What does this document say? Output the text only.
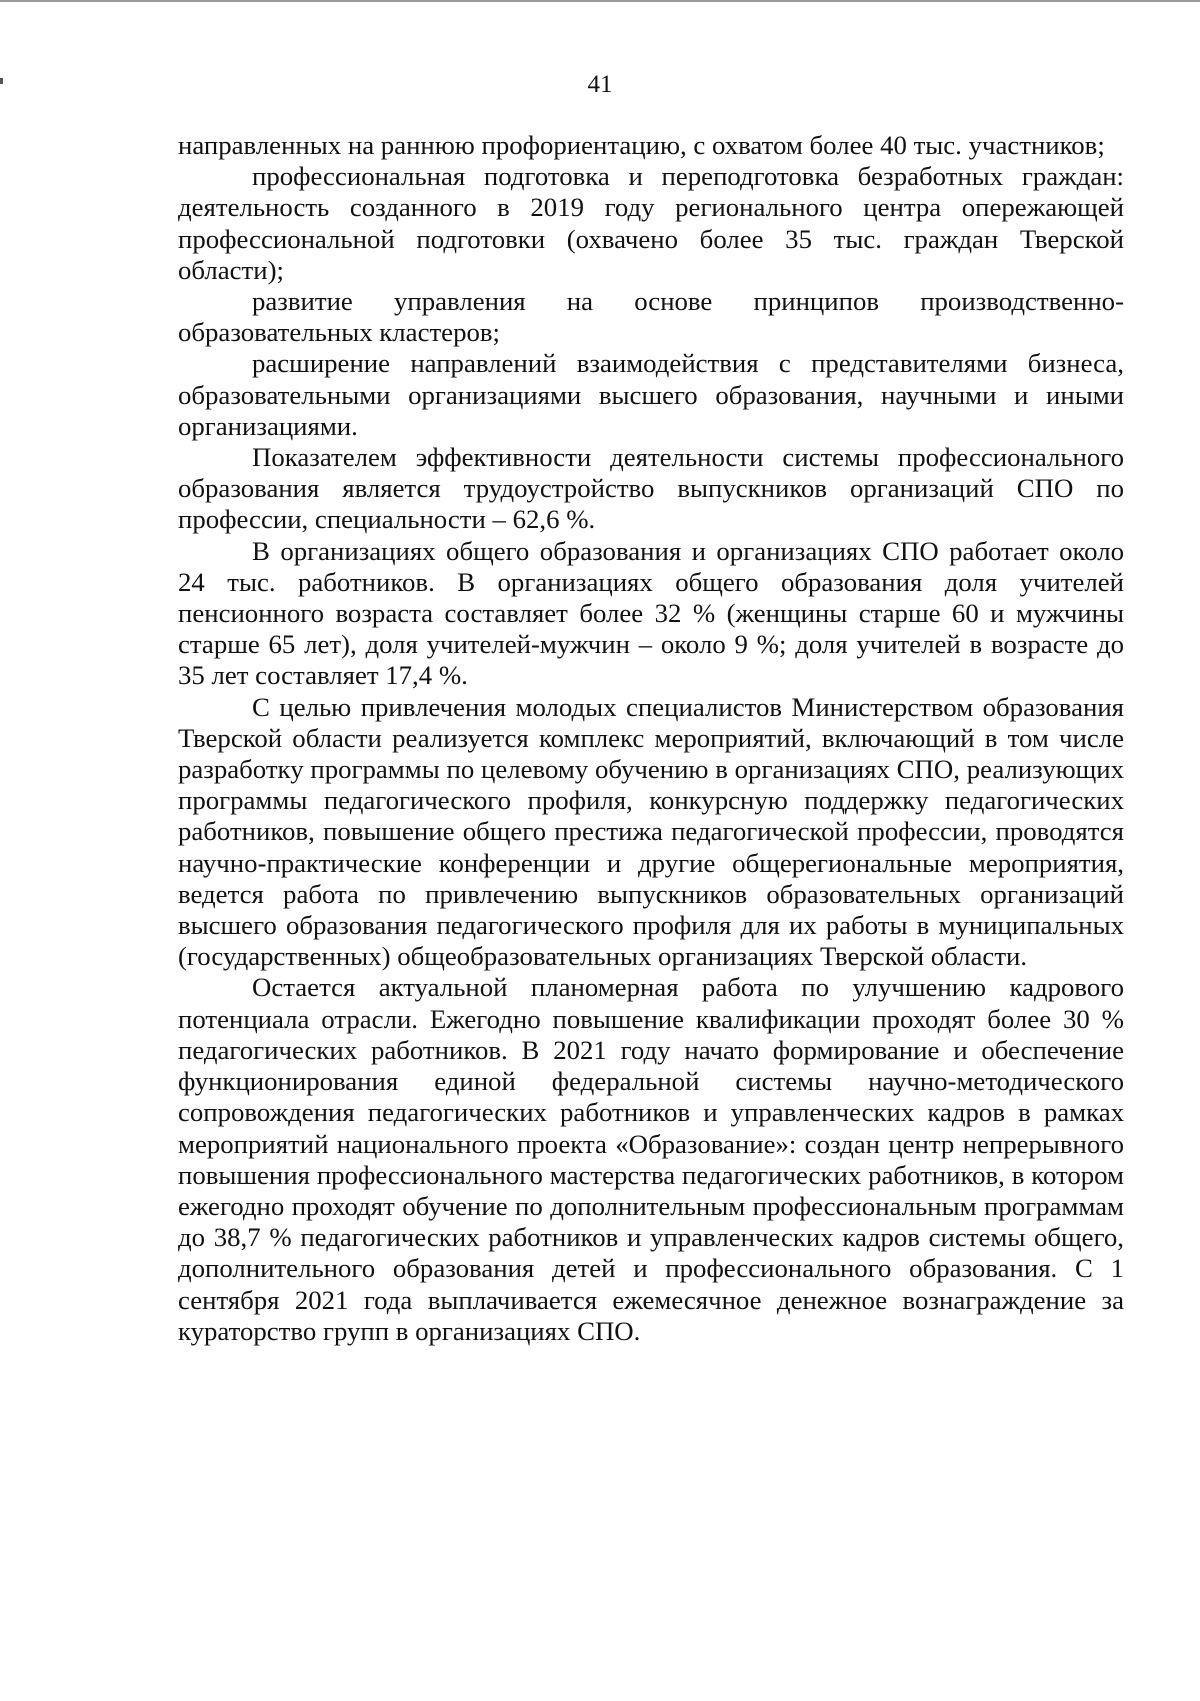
41

направленных на раннюю профориентацию, с охватом более 40 тыс. участников;

профессиональная подготовка и переподготовка безработных граждан: деятельность созданного в 2019 году регионального центра опережающей профессиональной подготовки (охвачено более 35 тыс. граждан Тверской области);

развитие управления на основе принципов производственно-образовательных кластеров;

расширение направлений взаимодействия с представителями бизнеса, образовательными организациями высшего образования, научными и иными организациями.

Показателем эффективности деятельности системы профессионального образования является трудоустройство выпускников организаций СПО по профессии, специальности – 62,6 %.

В организациях общего образования и организациях СПО работает около 24 тыс. работников. В организациях общего образования доля учителей пенсионного возраста составляет более 32 % (женщины старше 60 и мужчины старше 65 лет), доля учителей-мужчин – около 9 %; доля учителей в возрасте до 35 лет составляет 17,4 %.

С целью привлечения молодых специалистов Министерством образования Тверской области реализуется комплекс мероприятий, включающий в том числе разработку программы по целевому обучению в организациях СПО, реализующих программы педагогического профиля, конкурсную поддержку педагогических работников, повышение общего престижа педагогической профессии, проводятся научно-практические конференции и другие общерегиональные мероприятия, ведется работа по привлечению выпускников образовательных организаций высшего образования педагогического профиля для их работы в муниципальных (государственных) общеобразовательных организациях Тверской области.

Остается актуальной планомерная работа по улучшению кадрового потенциала отрасли. Ежегодно повышение квалификации проходят более 30 % педагогических работников. В 2021 году начато формирование и обеспечение функционирования единой федеральной системы научно-методического сопровождения педагогических работников и управленческих кадров в рамках мероприятий национального проекта «Образование»: создан центр непрерывного повышения профессионального мастерства педагогических работников, в котором ежегодно проходят обучение по дополнительным профессиональным программам до 38,7 % педагогических работников и управленческих кадров системы общего, дополнительного образования детей и профессионального образования. С 1 сентября 2021 года выплачивается ежемесячное денежное вознаграждение за кураторство групп в организациях СПО.
